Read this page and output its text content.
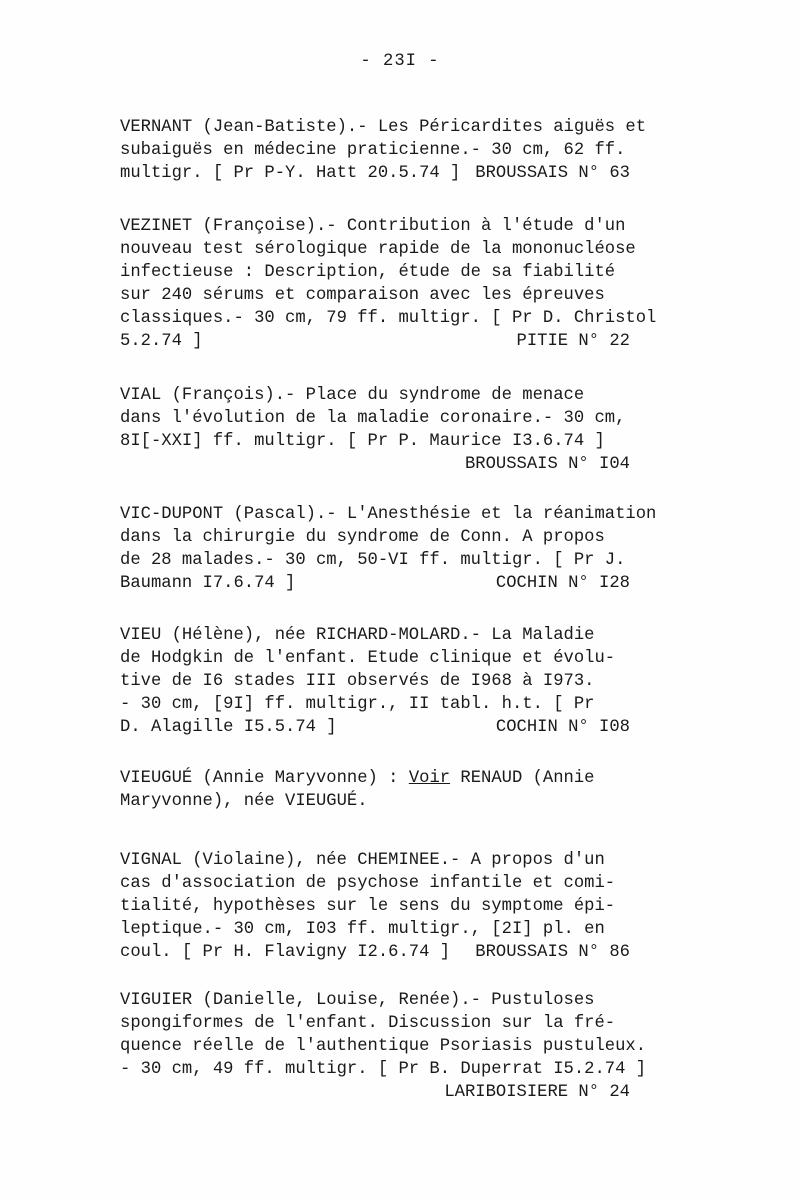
- 23I -
VERNANT (Jean-Batiste).- Les Péricardites aiguës et
subaiguës en médecine praticienne.- 30 cm, 62 ff.
multigr. [ Pr P-Y. Hatt 20.5.74 ] BROUSSAIS N° 63
VEZINET (Françoise).- Contribution à l'étude d'un
nouveau test sérologique rapide de la mononucléose
infectieuse : Description, étude de sa fiabilité
sur 240 sérums et comparaison avec les épreuves
classiques.- 30 cm, 79 ff. multigr. [ Pr D. Christol
5.2.74 ]	PITIE N° 22
VIAL (François).- Place du syndrome de menace
dans l'évolution de la maladie coronaire.- 30 cm,
8I[-XXI] ff. multigr. [ Pr P. Maurice I3.6.74 ]
BROUSSAIS N° I04
VIC-DUPONT (Pascal).- L'Anesthésie et la réanimation
dans la chirurgie du syndrome de Conn. A propos
de 28 malades.- 30 cm, 50-VI ff. multigr. [ Pr J.
Baumann I7.6.74 ]	COCHIN N° I28
VIEU (Hélène), née RICHARD-MOLARD.- La Maladie
de Hodgkin de l'enfant. Etude clinique et évolu-
tive de I6 stades III observés de I968 à I973.
- 30 cm, [9I] ff. multigr., II tabl. h.t. [ Pr
D. Alagille I5.5.74 ]	COCHIN N° I08
VIEUGUÉ (Annie Maryvonne) : Voir RENAUD (Annie
Maryvonne), née VIEUGUÉ.
VIGNAL (Violaine), née CHEMINEE.- A propos d'un
cas d'association de psychose infantile et comi-
tialité, hypothèses sur le sens du symptome épi-
leptique.- 30 cm, I03 ff. multigr., [2I] pl. en
coul. [ Pr H. Flavigny I2.6.74 ] BROUSSAIS N° 86
VIGUIER (Danielle, Louise, Renée).- Pustuloses
spongiformes de l'enfant. Discussion sur la fré-
quence réelle de l'authentique Psoriasis pustuleux.
- 30 cm, 49 ff. multigr. [ Pr B. Duperrat I5.2.74 ]
LARIBOISIERE N° 24
